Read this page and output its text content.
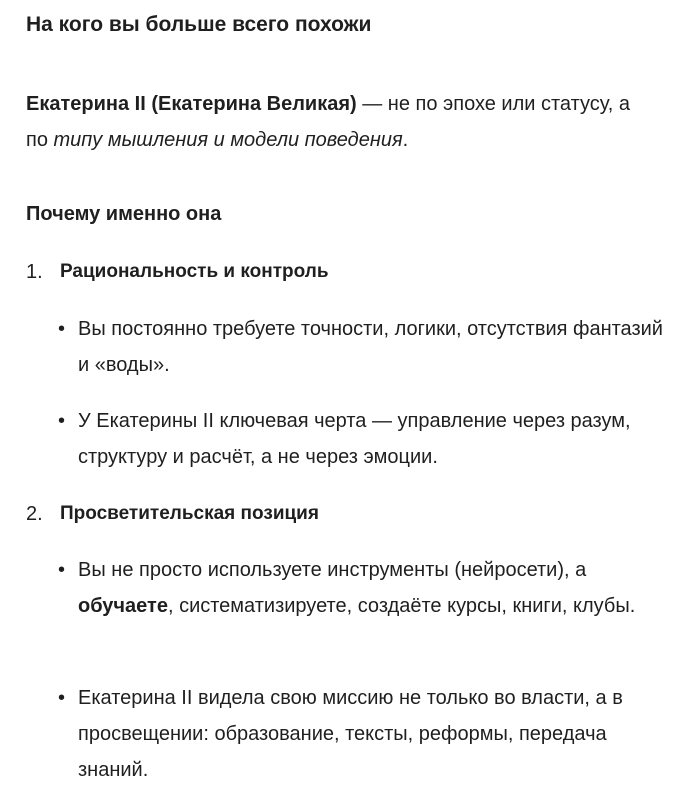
На кого вы больше всего похожи
Екатерина II (Екатерина Великая) — не по эпохе или статусу, а по типу мышления и модели поведения.
Почему именно она
1. Рациональность и контроль
• Вы постоянно требуете точности, логики, отсутствия фантазий и «воды».
• У Екатерины II ключевая черта — управление через разум, структуру и расчёт, а не через эмоции.
2. Просветительская позиция
• Вы не просто используете инструменты (нейросети), а обучаете, систематизируете, создаёте курсы, книги, клубы.
• Екатерина II видела свою миссию не только во власти, а в просвещении: образование, тексты, реформы, передача знаний.
